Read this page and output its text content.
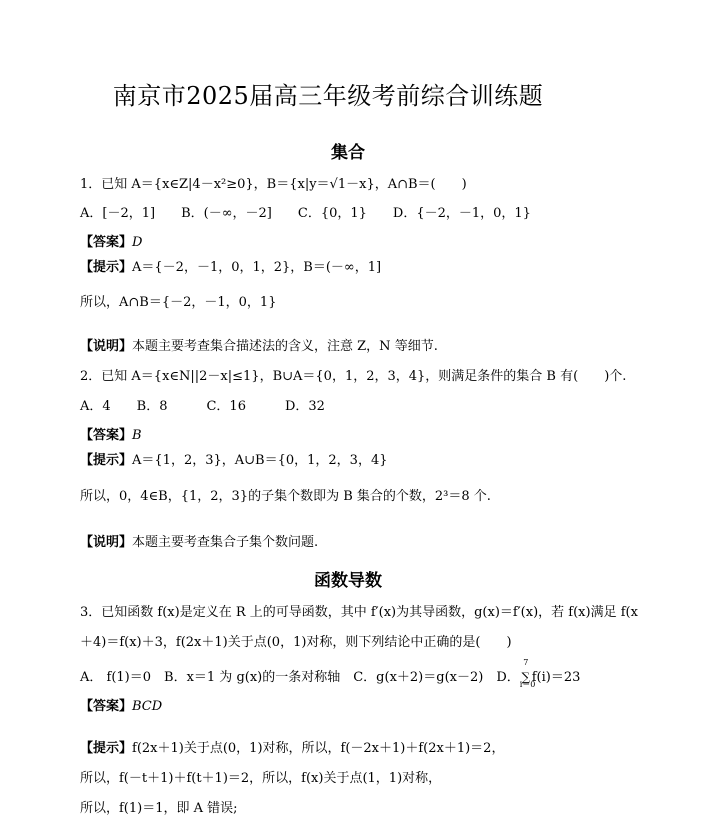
南京市2025届高三年级考前综合训练题
集合
1．已知 A＝{x∈Z|4－x²≥0}，B＝{x|y＝√1－x}，A∩B＝(　　)
A．[－2，1]　　B．(－∞，－2]　　C．{0，1}　　D．{－2，－1，0，1}
【答案】D
【提示】A＝{－2，－1，0，1，2}，B＝(－∞，1]
所以，A∩B＝{－2，－1，0，1}
【说明】本题主要考查集合描述法的含义，注意 Z，N 等细节.
2．已知 A＝{x∈N||2－x|≤1}，B∪A＝{0，1，2，3，4}，则满足条件的集合 B 有(　　)个.
A．4　　B．8　　　C．16　　　D．32
【答案】B
【提示】A＝{1，2，3}，A∪B＝{0，1，2，3，4}
所以，0，4∈B，{1，2，3}的子集个数即为 B 集合的个数，2³＝8 个.
【说明】本题主要考查集合子集个数问题.
函数导数
3．已知函数 f(x)是定义在 R 上的可导函数，其中 f′(x)为其导函数，g(x)＝f′(x)，若 f(x)满足 f(x
＋4)＝f(x)＋3，f(2x＋1)关于点(0，1)对称，则下列结论中正确的是(　　)
A． f(1)＝0　B．x＝1 为 g(x)的一条对称轴　C．g(x＋2)＝g(x－2)　D．
7
∑
i＝0
f(i)＝23
【答案】BCD
【提示】f(2x＋1)关于点(0，1)对称，所以，f(－2x＋1)＋f(2x＋1)＝2，
所以，f(－t＋1)＋f(t＋1)＝2，所以，f(x)关于点(1，1)对称，
所以，f(1)＝1，即 A 错误;
